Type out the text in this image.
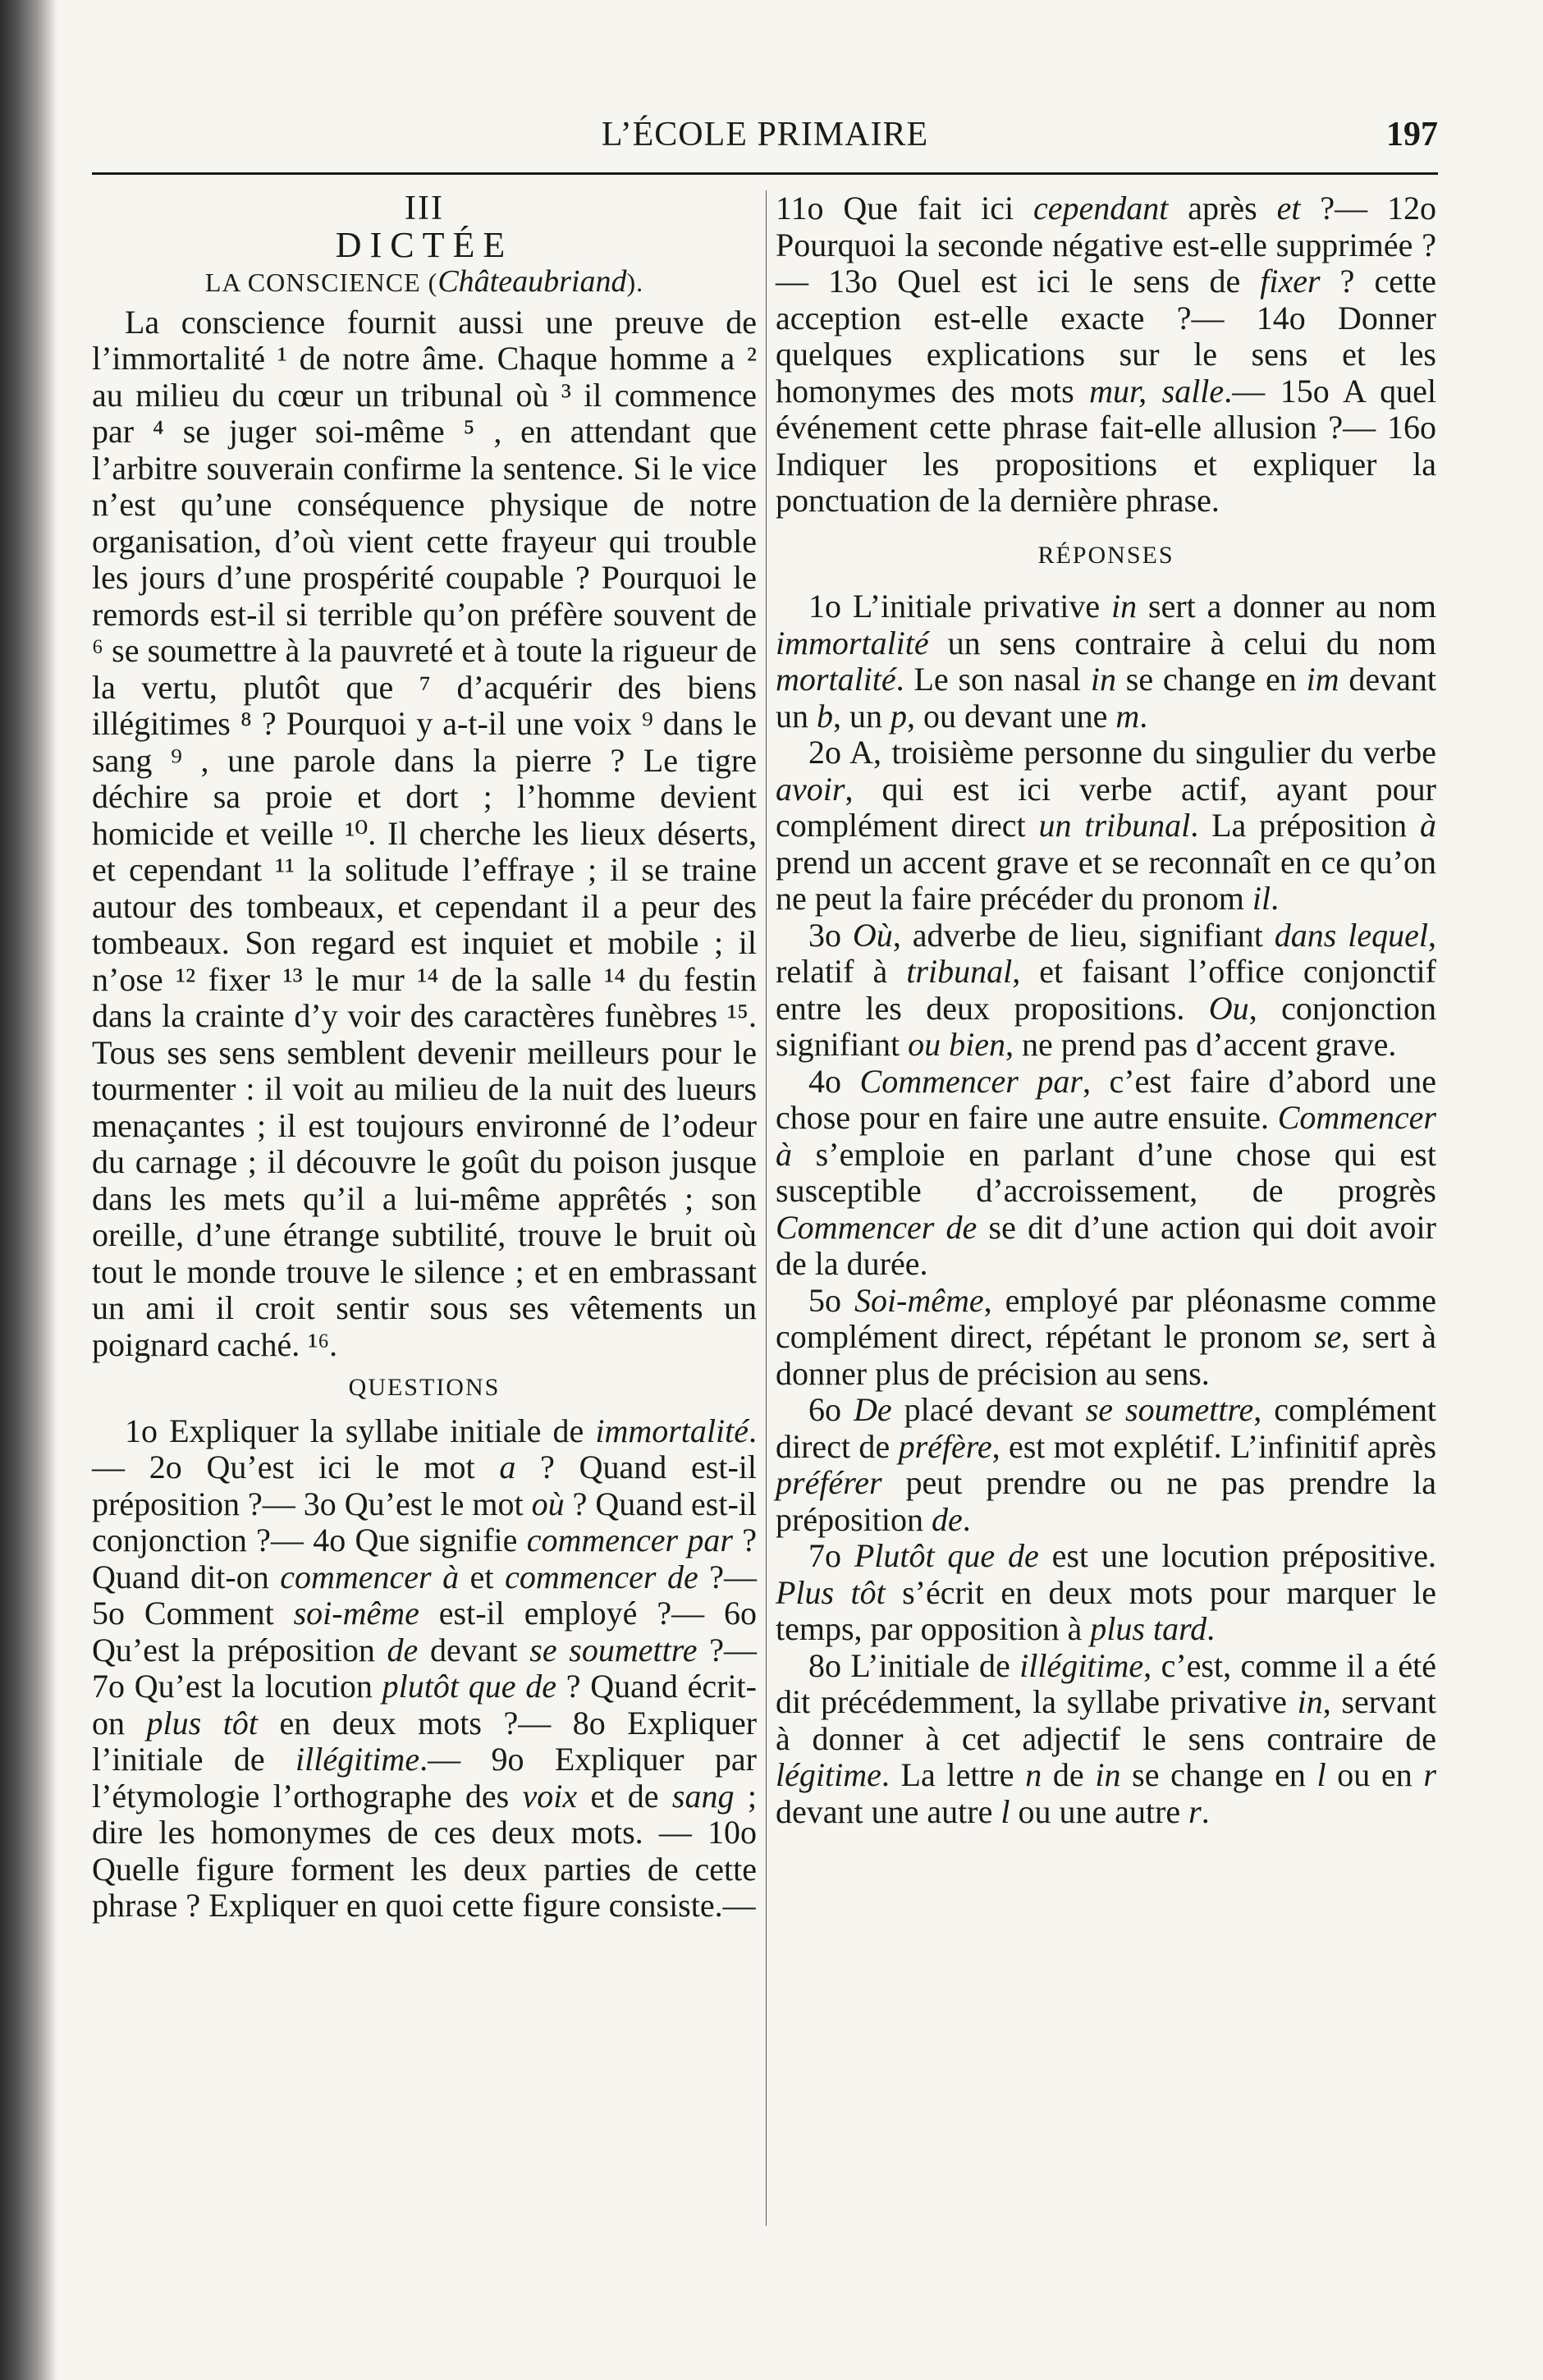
L’ÉCOLE PRIMAIRE	197
III
DICTÉE
LA CONSCIENCE (Châteaubriand).

La conscience fournit aussi une preuve de l’immortalité ¹ de notre âme. Chaque homme a ² au milieu du cœur un tribunal où ³ il commence par ⁴ se juger soi-même ⁵ , en attendant que l’arbitre souverain confirme la sentence. Si le vice n’est qu’une conséquence physique de notre organisation, d’où vient cette frayeur qui trouble les jours d’une prospérité coupable ? Pourquoi le remords est-il si terrible qu’on préfère souvent de ⁶ se soumettre à la pauvreté et à toute la rigueur de la vertu, plutôt que ⁷ d’acquérir des biens illégitimes ⁸ ? Pourquoi y a-t-il une voix ⁹ dans le sang ⁹ , une parole dans la pierre ? Le tigre déchire sa proie et dort ; l’homme devient homicide et veille ¹⁰. Il cherche les lieux déserts, et cependant ¹¹ la solitude l’effraye ; il se traine autour des tombeaux, et cependant il a peur des tombeaux. Son regard est inquiet et mobile ; il n’ose ¹² fixer ¹³ le mur ¹⁴ de la salle ¹⁴ du festin dans la crainte d’y voir des caractères funèbres ¹⁵. Tous ses sens semblent devenir meilleurs pour le tourmenter : il voit au milieu de la nuit des lueurs menaçantes ; il est toujours environné de l’odeur du carnage ; il découvre le goût du poison jusque dans les mets qu’il a lui-même apprêtés ; son oreille, d’une étrange subtilité, trouve le bruit où tout le monde trouve le silence ; et en embrassant un ami il croit sentir sous ses vêtements un poignard caché. ¹⁶.

QUESTIONS

1o Expliquer la syllabe initiale de immortalité.— 2o Qu’est ici le mot a ? Quand est-il préposition ?— 3o Qu’est le mot où ? Quand est-il conjonction ?— 4o Que signifie commencer par ? Quand dit-on commencer à et commencer de ?— 5o Comment soi-même est-il employé ?— 6o Qu’est la préposition de devant se soumettre ?— 7o Qu’est la locution plutôt que de ? Quand écrit-on plus tôt en deux mots ?— 8o Expliquer l’initiale de illégitime.— 9o Expliquer par l’étymologie l’orthographe des voix et de sang ; dire les homonymes de ces deux mots. — 10o Quelle figure forment les deux parties de cette phrase ? Expliquer en quoi cette figure consiste.—

11o Que fait ici cependant après et ?— 12o Pourquoi la seconde négative est-elle supprimée ?— 13o Quel est ici le sens de fixer ? cette acception est-elle exacte ?— 14o Donner quelques explications sur le sens et les homonymes des mots mur, salle.— 15o A quel événement cette phrase fait-elle allusion ?— 16o Indiquer les propositions et expliquer la ponctuation de la dernière phrase.

RÉPONSES

1o L’initiale privative in sert a donner au nom immortalité un sens contraire à celui du nom mortalité. Le son nasal in se change en im devant un b, un p, ou devant une m.

2o A, troisième personne du singulier du verbe avoir, qui est ici verbe actif, ayant pour complément direct un tribunal. La préposition à prend un accent grave et se reconnaît en ce qu’on ne peut la faire précéder du pronom il.

3o Où, adverbe de lieu, signifiant dans lequel, relatif à tribunal, et faisant l’office conjonctif entre les deux propositions. Ou, conjonction signifiant ou bien, ne prend pas d’accent grave.

4o Commencer par, c’est faire d’abord une chose pour en faire une autre ensuite. Commencer à s’emploie en parlant d’une chose qui est susceptible d’accroissement, de progrès Commencer de se dit d’une action qui doit avoir de la durée.

5o Soi-même, employé par pléonasme comme complément direct, répétant le pronom se, sert à donner plus de précision au sens.

6o De placé devant se soumettre, complément direct de préfère, est mot explétif. L’infinitif après préférer peut prendre ou ne pas prendre la préposition de.

7o Plutôt que de est une locution prépositive. Plus tôt s’écrit en deux mots pour marquer le temps, par opposition à plus tard.

8o L’initiale de illégitime, c’est, comme il a été dit précédemment, la syllabe privative in, servant à donner à cet adjectif le sens contraire de légitime. La lettre n de in se change en l ou en r devant une autre l ou une autre r.
